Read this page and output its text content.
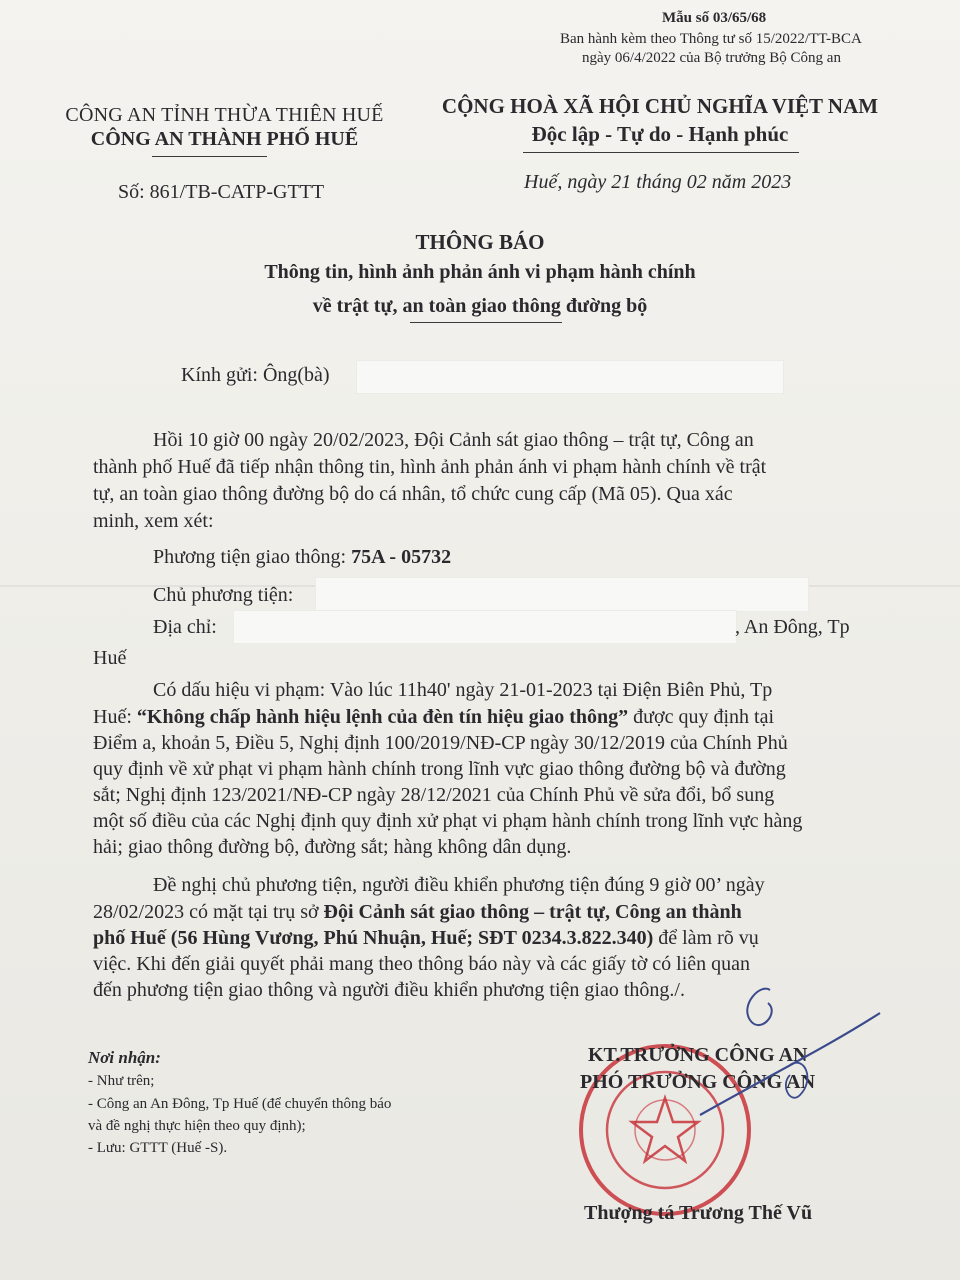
Mẫu số 03/65/68
Ban hành kèm theo Thông tư số 15/2022/TT-BCA
ngày 06/4/2022 của Bộ trưởng Bộ Công an
CÔNG AN TỈNH THỪA THIÊN HUẾ
CÔNG AN THÀNH PHỐ HUẾ
Số: 861/TB-CATP-GTTT
CỘNG HOÀ XÃ HỘI CHỦ NGHĨA VIỆT NAM
Độc lập - Tự do - Hạnh phúc
Huế, ngày 21 tháng 02 năm 2023
THÔNG BÁO
Thông tin, hình ảnh phản ánh vi phạm hành chính
về trật tự, an toàn giao thông đường bộ
Kính gửi: Ông(bà)
Hồi 10 giờ 00 ngày 20/02/2023, Đội Cảnh sát giao thông – trật tự, Công an
thành phố Huế đã tiếp nhận thông tin, hình ảnh phản ánh vi phạm hành chính về trật
tự, an toàn giao thông đường bộ do cá nhân, tổ chức cung cấp (Mã 05). Qua xác
minh, xem xét:
Phương tiện giao thông: 75A - 05732
Chủ phương tiện:
Địa chỉ:	, An Đông, Tp
Huế
Có dấu hiệu vi phạm: Vào lúc 11h40' ngày 21-01-2023 tại Điện Biên Phủ, Tp
Huế: “Không chấp hành hiệu lệnh của đèn tín hiệu giao thông” được quy định tại
Điểm a, khoản 5, Điều 5, Nghị định 100/2019/NĐ-CP ngày 30/12/2019 của Chính Phủ
quy định về xử phạt vi phạm hành chính trong lĩnh vực giao thông đường bộ và đường
sắt; Nghị định 123/2021/NĐ-CP ngày 28/12/2021 của Chính Phủ về sửa đổi, bổ sung
một số điều của các Nghị định quy định xử phạt vi phạm hành chính trong lĩnh vực hàng
hải; giao thông đường bộ, đường sắt; hàng không dân dụng.
Đề nghị chủ phương tiện, người điều khiển phương tiện đúng 9 giờ 00’ ngày
28/02/2023 có mặt tại trụ sở Đội Cảnh sát giao thông – trật tự, Công an thành
phố Huế (56 Hùng Vương, Phú Nhuận, Huế; SĐT 0234.3.822.340) để làm rõ vụ
việc. Khi đến giải quyết phải mang theo thông báo này và các giấy tờ có liên quan
đến phương tiện giao thông và người điều khiển phương tiện giao thông./.
Nơi nhận:
- Như trên;
- Công an An Đông, Tp Huế (để chuyển thông báo
và đề nghị thực hiện theo quy định);
- Lưu: GTTT (Huế -S).
KT.TRƯỞNG CÔNG AN
PHÓ TRƯỞNG CÔNG AN
Thượng tá Trương Thế Vũ
